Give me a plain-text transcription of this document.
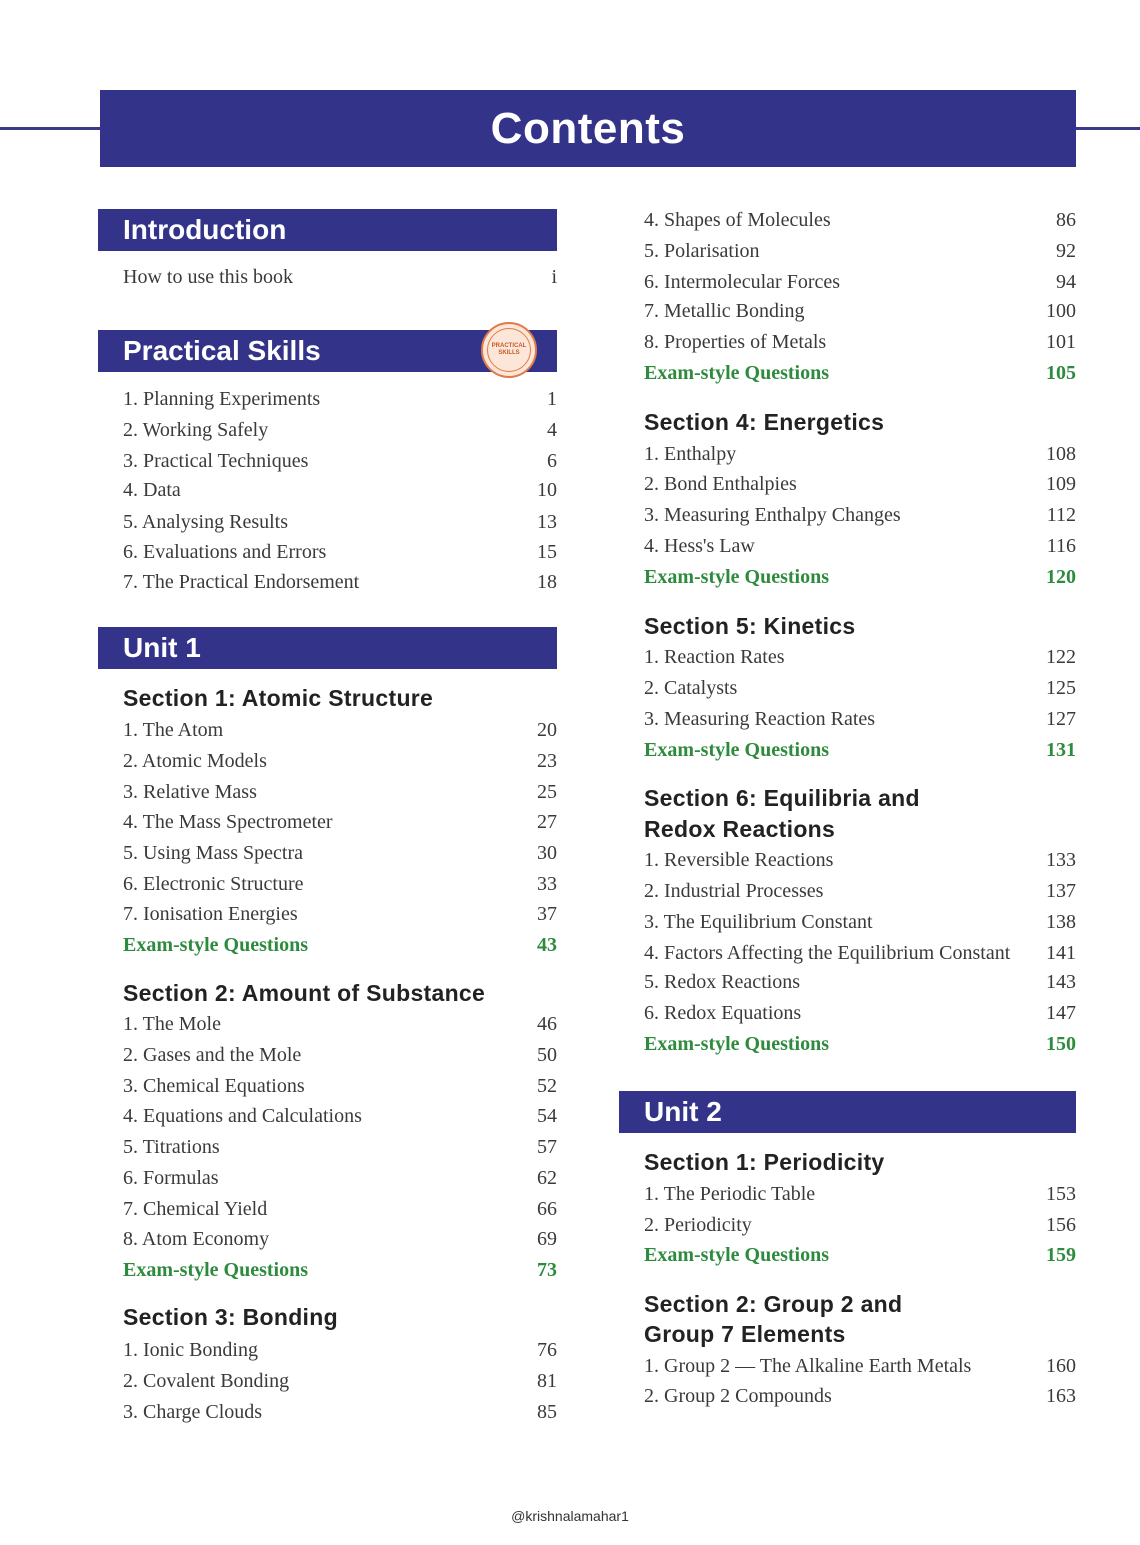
Contents
Introduction
How to use this book	i
Practical Skills	PRACTICAL
SKILLS
1. Planning Experiments	1
2. Working Safely	4
3. Practical Techniques	6
4. Data	10
5. Analysing Results	13
6. Evaluations and Errors	15
7. The Practical Endorsement	18
Unit 1
Section 1: Atomic Structure
1. The Atom	20
2. Atomic Models	23
3. Relative Mass	25
4. The Mass Spectrometer	27
5. Using Mass Spectra	30
6. Electronic Structure	33
7. Ionisation Energies	37
Exam-style Questions	43
Section 2: Amount of Substance
1. The Mole	46
2. Gases and the Mole	50
3. Chemical Equations	52
4. Equations and Calculations	54
5. Titrations	57
6. Formulas	62
7. Chemical Yield	66
8. Atom Economy	69
Exam-style Questions	73
Section 3: Bonding
1. Ionic Bonding	76
2. Covalent Bonding	81
3. Charge Clouds	85
4. Shapes of Molecules	86
5. Polarisation	92
6. Intermolecular Forces	94
7. Metallic Bonding	100
8. Properties of Metals	101
Exam-style Questions	105
Section 4: Energetics
1. Enthalpy	108
2. Bond Enthalpies	109
3. Measuring Enthalpy Changes	112
4. Hess's Law	116
Exam-style Questions	120
Section 5: Kinetics
1. Reaction Rates	122
2. Catalysts	125
3. Measuring Reaction Rates	127
Exam-style Questions	131
Section 6: Equilibria and
Redox Reactions
1. Reversible Reactions	133
2. Industrial Processes	137
3. The Equilibrium Constant	138
4. Factors Affecting the Equilibrium Constant 141
5. Redox Reactions	143
6. Redox Equations	147
Exam-style Questions	150
Unit 2
Section 1: Periodicity
1. The Periodic Table	153
2. Periodicity	156
Exam-style Questions	159
Section 2: Group 2 and
Group 7 Elements
1. Group 2 — The Alkaline Earth Metals	160
2. Group 2 Compounds	163
@krishnalamahar1
